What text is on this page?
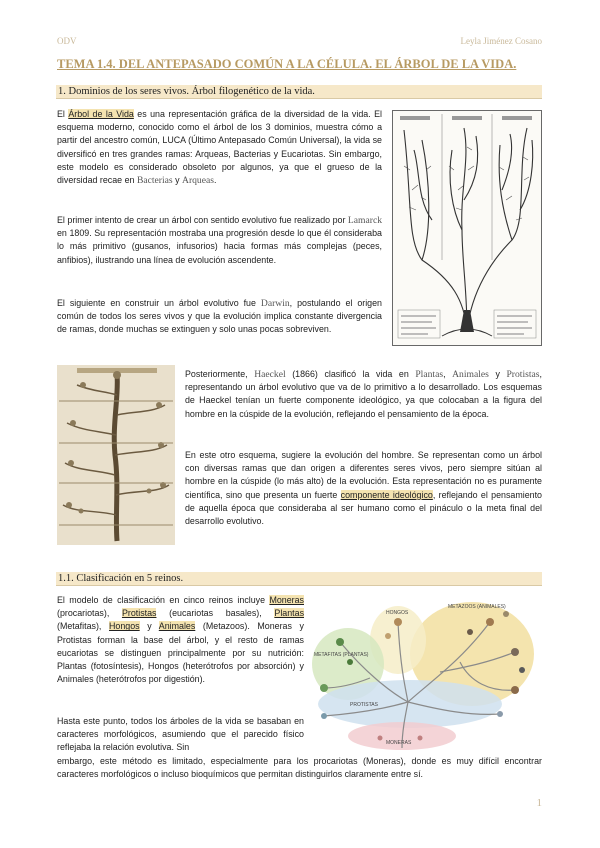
ODV	Leyla Jiménez Cosano
TEMA 1.4. DEL ANTEPASADO COMÚN A LA CÉLULA. EL ÁRBOL DE LA VIDA.
1. Dominios de los seres vivos. Árbol filogenético de la vida.

El Árbol de la Vida es una representación gráfica de la diversidad de la vida. El esquema moderno, conocido como el árbol de los 3 dominios, muestra cómo a partir del ancestro común, LUCA (Último Antepasado Común Universal), la vida se diversificó en tres grandes ramas: Arqueas, Bacterias y Eucariotas. Sin embargo, este modelo es considerado obsoleto por algunos, ya que el grueso de la diversidad recae en Bacterias y Arqueas.

El primer intento de crear un árbol con sentido evolutivo fue realizado por Lamarck en 1809. Su representación mostraba una progresión desde lo que él consideraba lo más primitivo (gusanos, infusorios) hacia formas más complejas (peces, anfibios), ilustrando una línea de evolución ascendente.

El siguiente en construir un árbol evolutivo fue Darwin, postulando el origen común de todos los seres vivos y que la evolución implica constante divergencia de ramas, donde muchas se extinguen y solo unas pocas sobreviven.

Posteriormente, Haeckel (1866) clasificó la vida en Plantas, Animales y Protistas, representando un árbol evolutivo que va de lo primitivo a lo desarrollado. Los esquemas de Haeckel tenían un fuerte componente ideológico, ya que colocaban a la figura del hombre en la cúspide de la evolución, reflejando el pensamiento de la época.

En este otro esquema, sugiere la evolución del hombre. Se representan como un árbol con diversas ramas que dan origen a diferentes seres vivos, pero siempre sitúan al hombre en la cúspide (lo más alto) de la evolución. Esta representación no es puramente científica, sino que presenta un fuerte componente ideológico, reflejando el pensamiento de aquella época que consideraba al ser humano como el pináculo o la meta final del desarrollo evolutivo.

1.1. Clasificación en 5 reinos.

El modelo de clasificación en cinco reinos incluye Moneras (procariotas), Protistas (eucariotas basales), Plantas (Metafitas), Hongos y Animales (Metazoos). Moneras y Protistas forman la base del árbol, y el resto de ramas eucariotas se distinguen principalmente por su nutrición: Plantas (fotosíntesis), Hongos (heterótrofos por absorción) y Animales (heterótrofos por digestión).

Hasta este punto, todos los árboles de la vida se basaban en caracteres morfológicos, asumiendo que el parecido físico reflejaba la relación evolutiva. Sin

embargo, este método es limitado, especialmente para los procariotas (Moneras), donde es muy difícil encontrar caracteres morfológicos o incluso bioquímicos que permitan distinguirlos claramente entre sí.

METAZOOS (ANIMALES)
HONGOS
METAFITAS (PLANTAS)
PROTISTAS
MONERAS
1
